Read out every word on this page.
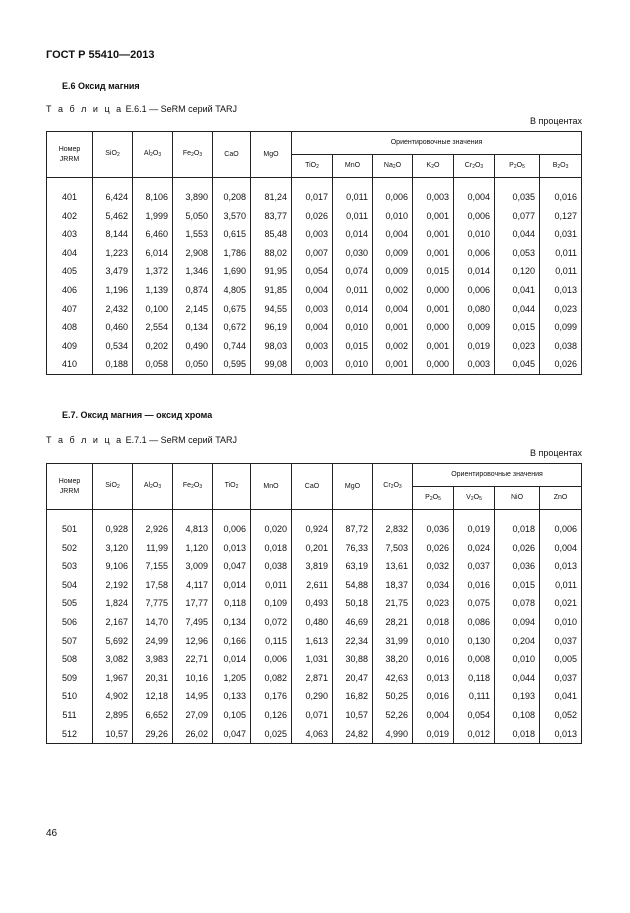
ГОСТ Р 55410—2013
Е.6 Оксид магния
Т а б л и ц а Е.6.1 — SeRM серий TARJ
В процентах
Номер
JRRM	SiO$_2$	$Al_2O_3$	$Fe_2O_3$	CaO	MgO	Ориентировочные значения						
						TiO$_2$	MnO	$Na_2O$	$K_2O$	$Cr_2O_3$	$P_2O_5$	$B_2O_3$

401	6,424	8,106	3,890	0,208	81,24	0,017	0,011	0,006	0,003	0,004	0,035	0,016
402	5,462	1,999	5,050	3,570	83,77	0,026	0,011	0,010	0,001	0,006	0,077	0,127
403	8,144	6,460	1,553	0,615	85,48	0,003	0,014	0,004	0,001	0,010	0,044	0,031
404	1,223	6,014	2,908	1,786	88,02	0,007	0,030	0,009	0,001	0,006	0,053	0,011
405	3,479	1,372	1,346	1,690	91,95	0,054	0,074	0,009	0,015	0,014	0,120	0,011
406	1,196	1,139	0,874	4,805	91,85	0,004	0,011	0,002	0,000	0,006	0,041	0,013
407	2,432	0,100	2,145	0,675	94,55	0,003	0,014	0,004	0,001	0,080	0,044	0,023
408	0,460	2,554	0,134	0,672	96,19	0,004	0,010	0,001	0,000	0,009	0,015	0,099
409	0,534	0,202	0,490	0,744	98,03	0,003	0,015	0,002	0,001	0,019	0,023	0,038
410	0,188	0,058	0,050	0,595	99,08	0,003	0,010	0,001	0,000	0,003	0,045	0,026
Е.7. Оксид магния — оксид хрома
Т а б л и ц а Е.7.1 — SeRM серий TARJ
В процентах
Номер
JRRM	SiO$_2$	$Al_2O_3$	$Fe_2O_3$	TiO$_2$	MnO	CaO	MgO	$Cr_2O_3$	Ориентировочные значения			
									$P_2O_5$	$V_2O_5$	NiO	ZnO

501	0,928	2,926	4,813	0,006	0,020	0,924	87,72	2,832	0,036	0,019	0,018	0,006
502	3,120	11,99	1,120	0,013	0,018	0,201	76,33	7,503	0,026	0,024	0,026	0,004
503	9,106	7,155	3,009	0,047	0,038	3,819	63,19	13,61	0,032	0,037	0,036	0,013
504	2,192	17,58	4,117	0,014	0,011	2,611	54,88	18,37	0,034	0,016	0,015	0,011
505	1,824	7,775	17,77	0,118	0,109	0,493	50,18	21,75	0,023	0,075	0,078	0,021
506	2,167	14,70	7,495	0,134	0,072	0,480	46,69	28,21	0,018	0,086	0,094	0,010
507	5,692	24,99	12,96	0,166	0,115	1,613	22,34	31,99	0,010	0,130	0,204	0,037
508	3,082	3,983	22,71	0,014	0,006	1,031	30,88	38,20	0,016	0,008	0,010	0,005
509	1,967	20,31	10,16	1,205	0,082	2,871	20,47	42,63	0,013	0,118	0,044	0,037
510	4,902	12,18	14,95	0,133	0,176	0,290	16,82	50,25	0,016	0,111	0,193	0,041
511	2,895	6,652	27,09	0,105	0,126	0,071	10,57	52,26	0,004	0,054	0,108	0,052
512	10,57	29,26	26,02	0,047	0,025	4,063	24,82	4,990	0,019	0,012	0,018	0,013
46
